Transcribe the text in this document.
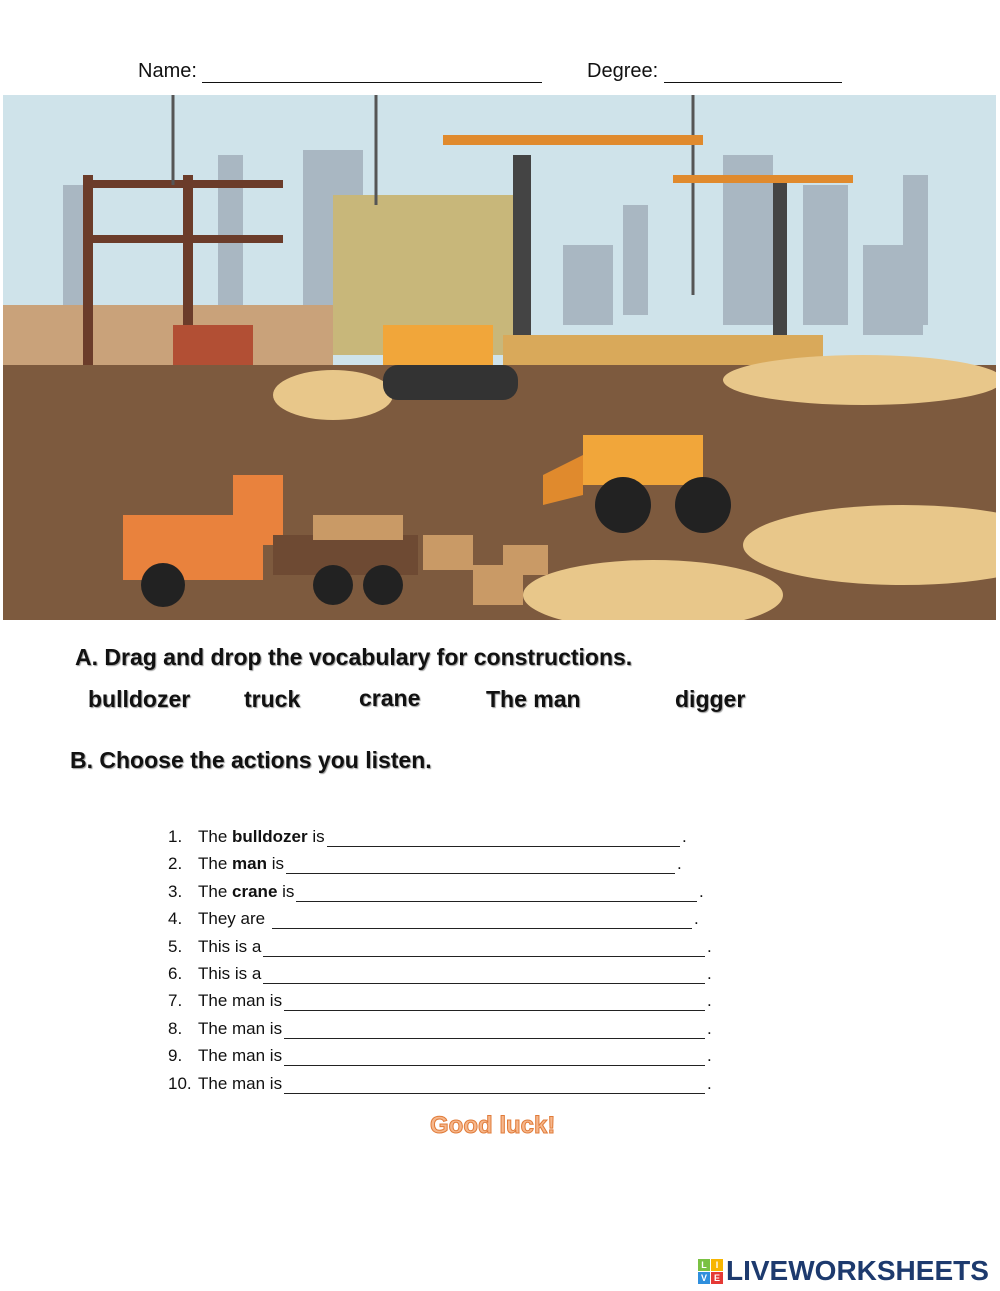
Name:	Degree:
A. Drag and drop the vocabulary for constructions.
bulldozer truck	crane	The man	digger
B. Choose the actions you listen.
1. The bulldozer is	.
2. The man is	.
3. The crane is	.
4. They are	.
5. This is a	.
6. This is a	.
7. The man is	.
8. The man is	.
9. The man is	.
10. The man is	.
Good luck!
L I
V E LIVEWORKSHEETS
